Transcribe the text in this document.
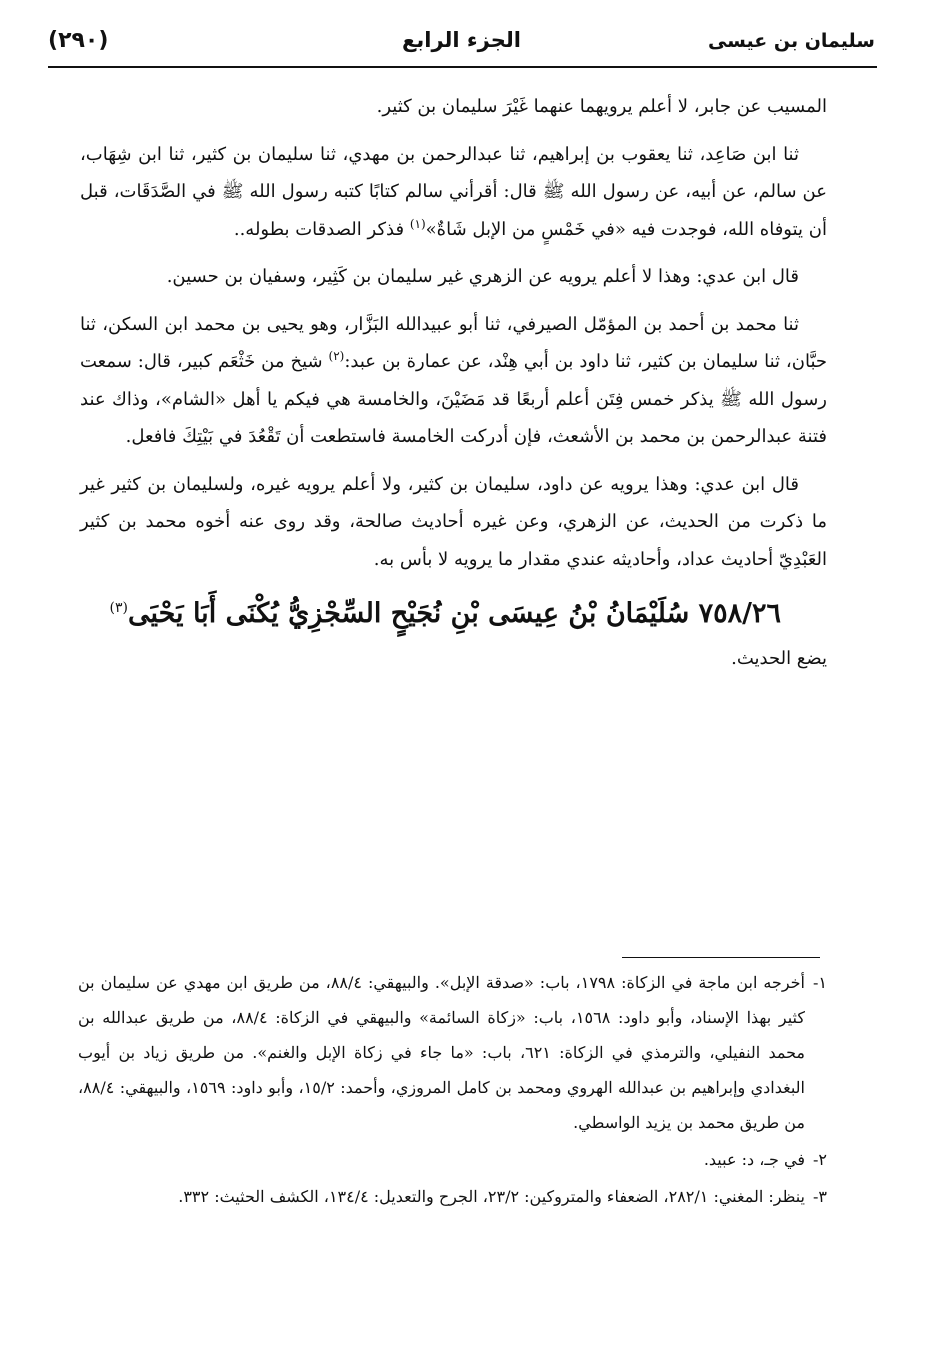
سليمان بن عيسى
الجزء الرابع
(٢٩٠)

المسيب عن جابر، لا أعلم يرويهما عنهما غَيْرَ سليمان بن كثير.

ثنا ابن صَاعِد، ثنا يعقوب بن إبراهيم، ثنا عبدالرحمن بن مهدي، ثنا سليمان بن كثير، ثنا ابن شِهَاب، عن سالم، عن أبيه، عن رسول الله ﷺ قال: أقرأني سالم كتابًا كتبه رسول الله ﷺ في الصَّدَقَات، قبل أن يتوفاه الله، فوجدت فيه «في خَمْسٍ من الإبل شَاةٌ»$^{(١)}$ فذكر الصدقات بطوله..

قال ابن عدي: وهذا لا أعلم يرويه عن الزهري غير سليمان بن كَثِير، وسفيان بن حسين.

ثنا محمد بن أحمد بن المؤمّل الصيرفي، ثنا أبو عبيدالله البَزَّار، وهو يحيى بن محمد ابن السكن، ثنا حبَّان، ثنا سليمان بن كثير، ثنا داود بن أبي هِنْد، عن عمارة بن عبد:$^{(٢)}$ شيخ من خَثْعَم كبير، قال: سمعت رسول الله ﷺ يذكر خمس فِتَن أعلم أربعًا قد مَضَيْنَ، والخامسة هي فيكم يا أهل «الشام»، وذاك عند فتنة عبدالرحمن بن محمد بن الأشعث، فإن أدركت الخامسة فاستطعت أن تَقْعُدَ في بَيْتِكَ فافعل.

قال ابن عدي: وهذا يرويه عن داود، سليمان بن كثير، ولا أعلم يرويه غيره، ولسليمان بن كثير غير ما ذكرت من الحديث، عن الزهري، وعن غيره أحاديث صالحة، وقد روى عنه أخوه محمد بن كثير العَبْدِيّ أحاديث عداد، وأحاديثه عندي مقدار ما يرويه لا بأس به.

٧٥٨/٢٦ سُلَيْمَانُ بْنُ عِيسَى بْنِ نُجَيْحٍ السِّجْزِيُّ يُكْنَى أَبَا يَحْيَى$^{(٣)}$

يضع الحديث.

١-
أخرجه ابن ماجة في الزكاة: ١٧٩٨، باب: «صدقة الإبل». والبيهقي: ٨٨/٤، من طريق ابن مهدي عن سليمان بن كثير بهذا الإسناد، وأبو داود: ١٥٦٨، باب: «زكاة السائمة» والبيهقي في الزكاة: ٨٨/٤، من طريق عبدالله بن محمد النفيلي، والترمذي في الزكاة: ٦٢١، باب: «ما جاء في زكاة الإبل والغنم». من طريق زياد بن أيوب البغدادي وإبراهيم بن عبدالله الهروي ومحمد بن كامل المروزي، وأحمد: ١٥/٢، وأبو داود: ١٥٦٩، والبيهقي: ٨٨/٤، من طريق محمد بن يزيد الواسطي.
٢-
في جـ، د: عبيد.
٣-
ينظر: المغني: ٢٨٢/١، الضعفاء والمتروكين: ٢٣/٢، الجرح والتعديل: ١٣٤/٤، الكشف الحثيث: ٣٣٢.
